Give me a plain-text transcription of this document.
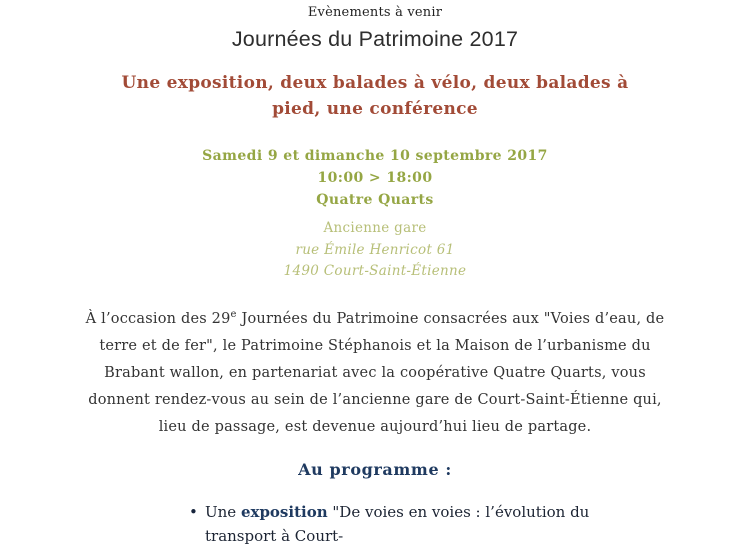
Evènements à venir

Journées du Patrimoine 2017
Une exposition, deux balades à vélo, deux balades à pied, une conférence

Samedi 9 et dimanche 10 septembre 2017

10:00 > 18:00

Quatre Quarts

Ancienne gare

rue Émile Henricot 61

1490 Court-Saint-Étienne

À l’occasion des 29e Journées du Patrimoine consacrées aux "Voies d’eau, de terre et de fer", le Patrimoine Stéphanois et la Maison de l’urbanisme du Brabant wallon, en partenariat avec la coopérative Quatre Quarts, vous donnent rendez-vous au sein de l’ancienne gare de Court-Saint-Étienne qui, lieu de passage, est devenue aujourd’hui lieu de partage.

Au programme :
• Une exposition "De voies en voies : l’évolution du transport à Court-
